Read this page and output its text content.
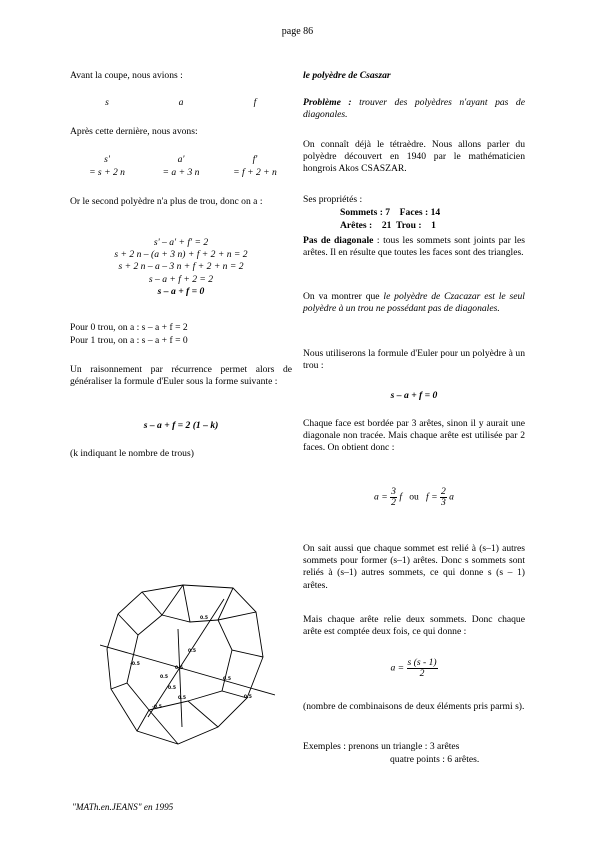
page 86
Avant la coupe, nous avions :
s	a	f
Après cette dernière, nous avons:
s'	a'	f'
= s + 2 n	= a + 3 n	= f + 2 + n
Or le second polyèdre n'a plus de trou, donc on a :
s' – a' + f' = 2
s + 2 n – (a + 3 n) + f + 2 + n = 2
s + 2 n – a – 3 n + f + 2 + n = 2
s – a + f + 2 = 2
s – a + f = 0
Pour 0 trou, on a : s – a + f = 2
Pour 1 trou, on a : s – a + f = 0
Un raisonnement par récurrence permet alors de généraliser la formule d'Euler sous la forme suivante :
s – a + f = 2 (1 – k)
(k indiquant le nombre de trous)
le polyèdre de Csaszar
Problème : trouver des polyèdres n'ayant pas de diagonales.
On connaît déjà le tétraèdre. Nous allons parler du polyèdre découvert en 1940 par le mathématicien hongrois Akos CSASZAR.
Ses propriétés :
Sommets : 7    Faces : 14
Arêtes :    21  Trou :    1
Pas de diagonale : tous les sommets sont joints par les arêtes. Il en résulte que toutes les faces sont des triangles.
On va montrer que le polyèdre de Czacazar est le seul polyèdre à un trou ne possédant pas de diagonales.
Nous utiliserons la formule d'Euler pour un polyèdre à un trou :
s – a + f = 0
Chaque face est bordée par 3 arêtes, sinon il y aurait une diagonale non tracée. Mais chaque arête est utilisée par 2 faces. On obtient donc :
$a = \frac{3}{2}$ f ou $f = \frac{2}{3}$ a
On sait aussi que chaque sommet est relié à (s–1) autres sommets pour former (s–1) arêtes. Donc s sommets sont reliés à (s–1) autres sommets, ce qui donne s (s – 1) arêtes.
Mais chaque arête relie deux sommets. Donc chaque arête est comptée deux fois, ce qui donne :
$a = \frac{s (s - 1)}{2}$
(nombre de combinaisons de deux éléments pris parmi s).
Exemples : prenons un triangle : 3 arêtes
quatre points : 6 arêtes.
0.5
0.5
0.5
0.5
0.5
0.5
0.5
-0.5
-0.5
-0.5
"MATh.en.JEANS" en 1995
